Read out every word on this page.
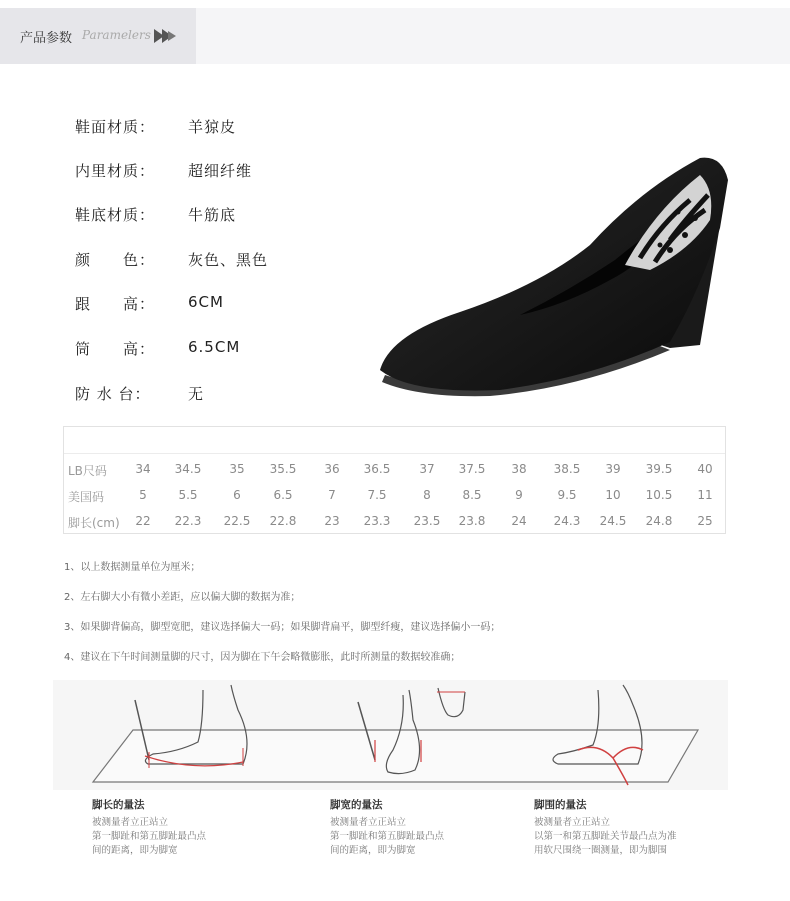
产品参数 Paramelers
鞋面材质：	羊猄皮
内里材质：	超细纤维
鞋底材质：	牛筋底
颜　　色：	灰色、黑色
跟　　高：	6CM
筒　　高：	6.5CM
防 水 台：	无
LB尺码	34	34.5	35	35.5	36	36.5	37	37.5	38	38.5	39	39.5	40
美国码	5	5.5	6	6.5	7	7.5	8	8.5	9	9.5	10	10.5	11
脚长(cm)	22	22.3	22.5	22.8	23	23.3	23.5	23.8	24	24.3	24.5	24.8	25
1、以上数据测量单位为厘米；
2、左右脚大小有微小差距，应以偏大脚的数据为准；
3、如果脚背偏高，脚型宽肥，建议选择偏大一码；如果脚背扁平，脚型纤瘦，建议选择偏小一码；
4、建议在下午时间测量脚的尺寸，因为脚在下午会略微膨胀，此时所测量的数据较准确；
脚长的量法
被测量者立正站立
第一脚趾和第五脚趾最凸点
间的距离，即为脚宽
脚宽的量法
被测量者立正站立
第一脚趾和第五脚趾最凸点
间的距离，即为脚宽
脚围的量法
被测量者立正站立
以第一和第五脚趾关节最凸点为准
用软尺围绕一圈测量，即为脚围
